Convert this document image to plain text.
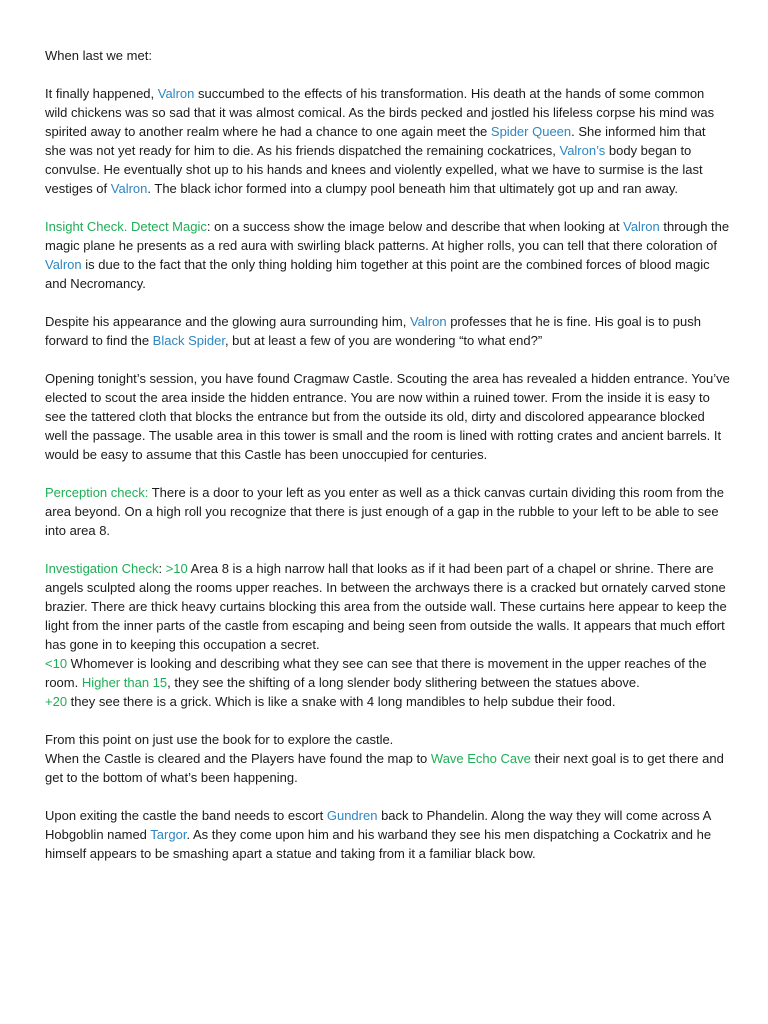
When last we met:

It finally happened, Valron succumbed to the effects of his transformation. His death at the hands of some common wild chickens was so sad that it was almost comical. As the birds pecked and jostled his lifeless corpse his mind was spirited away to another realm where he had a chance to one again meet the Spider Queen. She informed him that she was not yet ready for him to die. As his friends dispatched the remaining cockatrices, Valron’s body began to convulse. He eventually shot up to his hands and knees and violently expelled, what we have to surmise is the last vestiges of Valron. The black ichor formed into a clumpy pool beneath him that ultimately got up and ran away.

Insight Check. Detect Magic: on a success show the image below and describe that when looking at Valron through the magic plane he presents as a red aura with swirling black patterns. At higher rolls, you can tell that there coloration of Valron is due to the fact that the only thing holding him together at this point are the combined forces of blood magic and Necromancy.

Despite his appearance and the glowing aura surrounding him, Valron professes that he is fine. His goal is to push forward to find the Black Spider, but at least a few of you are wondering “to what end?”

Opening tonight’s session, you have found Cragmaw Castle. Scouting the area has revealed a hidden entrance. You’ve elected to scout the area inside the hidden entrance. You are now within a ruined tower. From the inside it is easy to see the tattered cloth that blocks the entrance but from the outside its old, dirty and discolored appearance blocked well the passage. The usable area in this tower is small and the room is lined with rotting crates and ancient barrels. It would be easy to assume that this Castle has been unoccupied for centuries.

Perception check: There is a door to your left as you enter as well as a thick canvas curtain dividing this room from the area beyond. On a high roll you recognize that there is just enough of a gap in the rubble to your left to be able to see into area 8.

Investigation Check: >10 Area 8 is a high narrow hall that looks as if it had been part of a chapel or shrine. There are angels sculpted along the rooms upper reaches. In between the archways there is a cracked but ornately carved stone brazier. There are thick heavy curtains blocking this area from the outside wall. These curtains here appear to keep the light from the inner parts of the castle from escaping and being seen from outside the walls. It appears that much effort has gone in to keeping this occupation a secret.
<10 Whomever is looking and describing what they see can see that there is movement in the upper reaches of the room. Higher than 15, they see the shifting of a long slender body slithering between the statues above.
+20 they see there is a grick. Which is like a snake with 4 long mandibles to help subdue their food.

From this point on just use the book for to explore the castle.
When the Castle is cleared and the Players have found the map to Wave Echo Cave their next goal is to get there and get to the bottom of what’s been happening.

Upon exiting the castle the band needs to escort Gundren back to Phandelin. Along the way they will come across A Hobgoblin named Targor. As they come upon him and his warband they see his men dispatching a Cockatrix and he himself appears to be smashing apart a statue and taking from it a familiar black bow.
